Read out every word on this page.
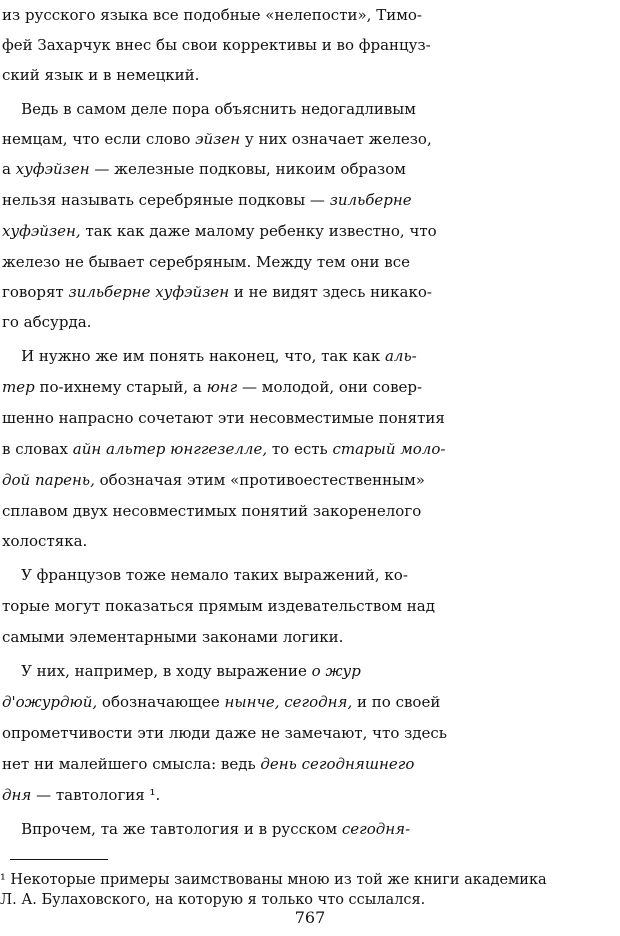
из русского языка все подобные «нелепости», Тимо-
фей Захарчук внес бы свои коррективы и во француз-
ский язык и в немецкий.
Ведь в самом деле пора объяснить недогадливым
немцам, что если слово эйзен у них означает железо,
а хуфэйзен — железные подковы, никоим образом
нельзя называть серебряные подковы — зильберне
хуфэйзен, так как даже малому ребенку известно, что
железо не бывает серебряным. Между тем они все
говорят зильберне хуфэйзен и не видят здесь никако-
го абсурда.
И нужно же им понять наконец, что, так как аль-
тер по-ихнему старый, а юнг — молодой, они совер-
шенно напрасно сочетают эти несовместимые понятия
в словах айн альтер юнггезелле, то есть старый моло-
дой парень, обозначая этим «противоестественным»
сплавом двух несовместимых понятий закоренелого
холостяка.
У французов тоже немало таких выражений, ко-
торые могут показаться прямым издевательством над
самыми элементарными законами логики.
У них, например, в ходу выражение о жур
д'ожурдюй, обозначающее нынче, сегодня, и по своей
опрометчивости эти люди даже не замечают, что здесь
нет ни малейшего смысла: ведь день сегодняшнего
дня — тавтология ¹.
Впрочем, та же тавтология и в русском сегодня-
¹ Некоторые примеры заимствованы мною из той же книги академика
Л. А. Булаховского, на которую я только что ссылался.
767
